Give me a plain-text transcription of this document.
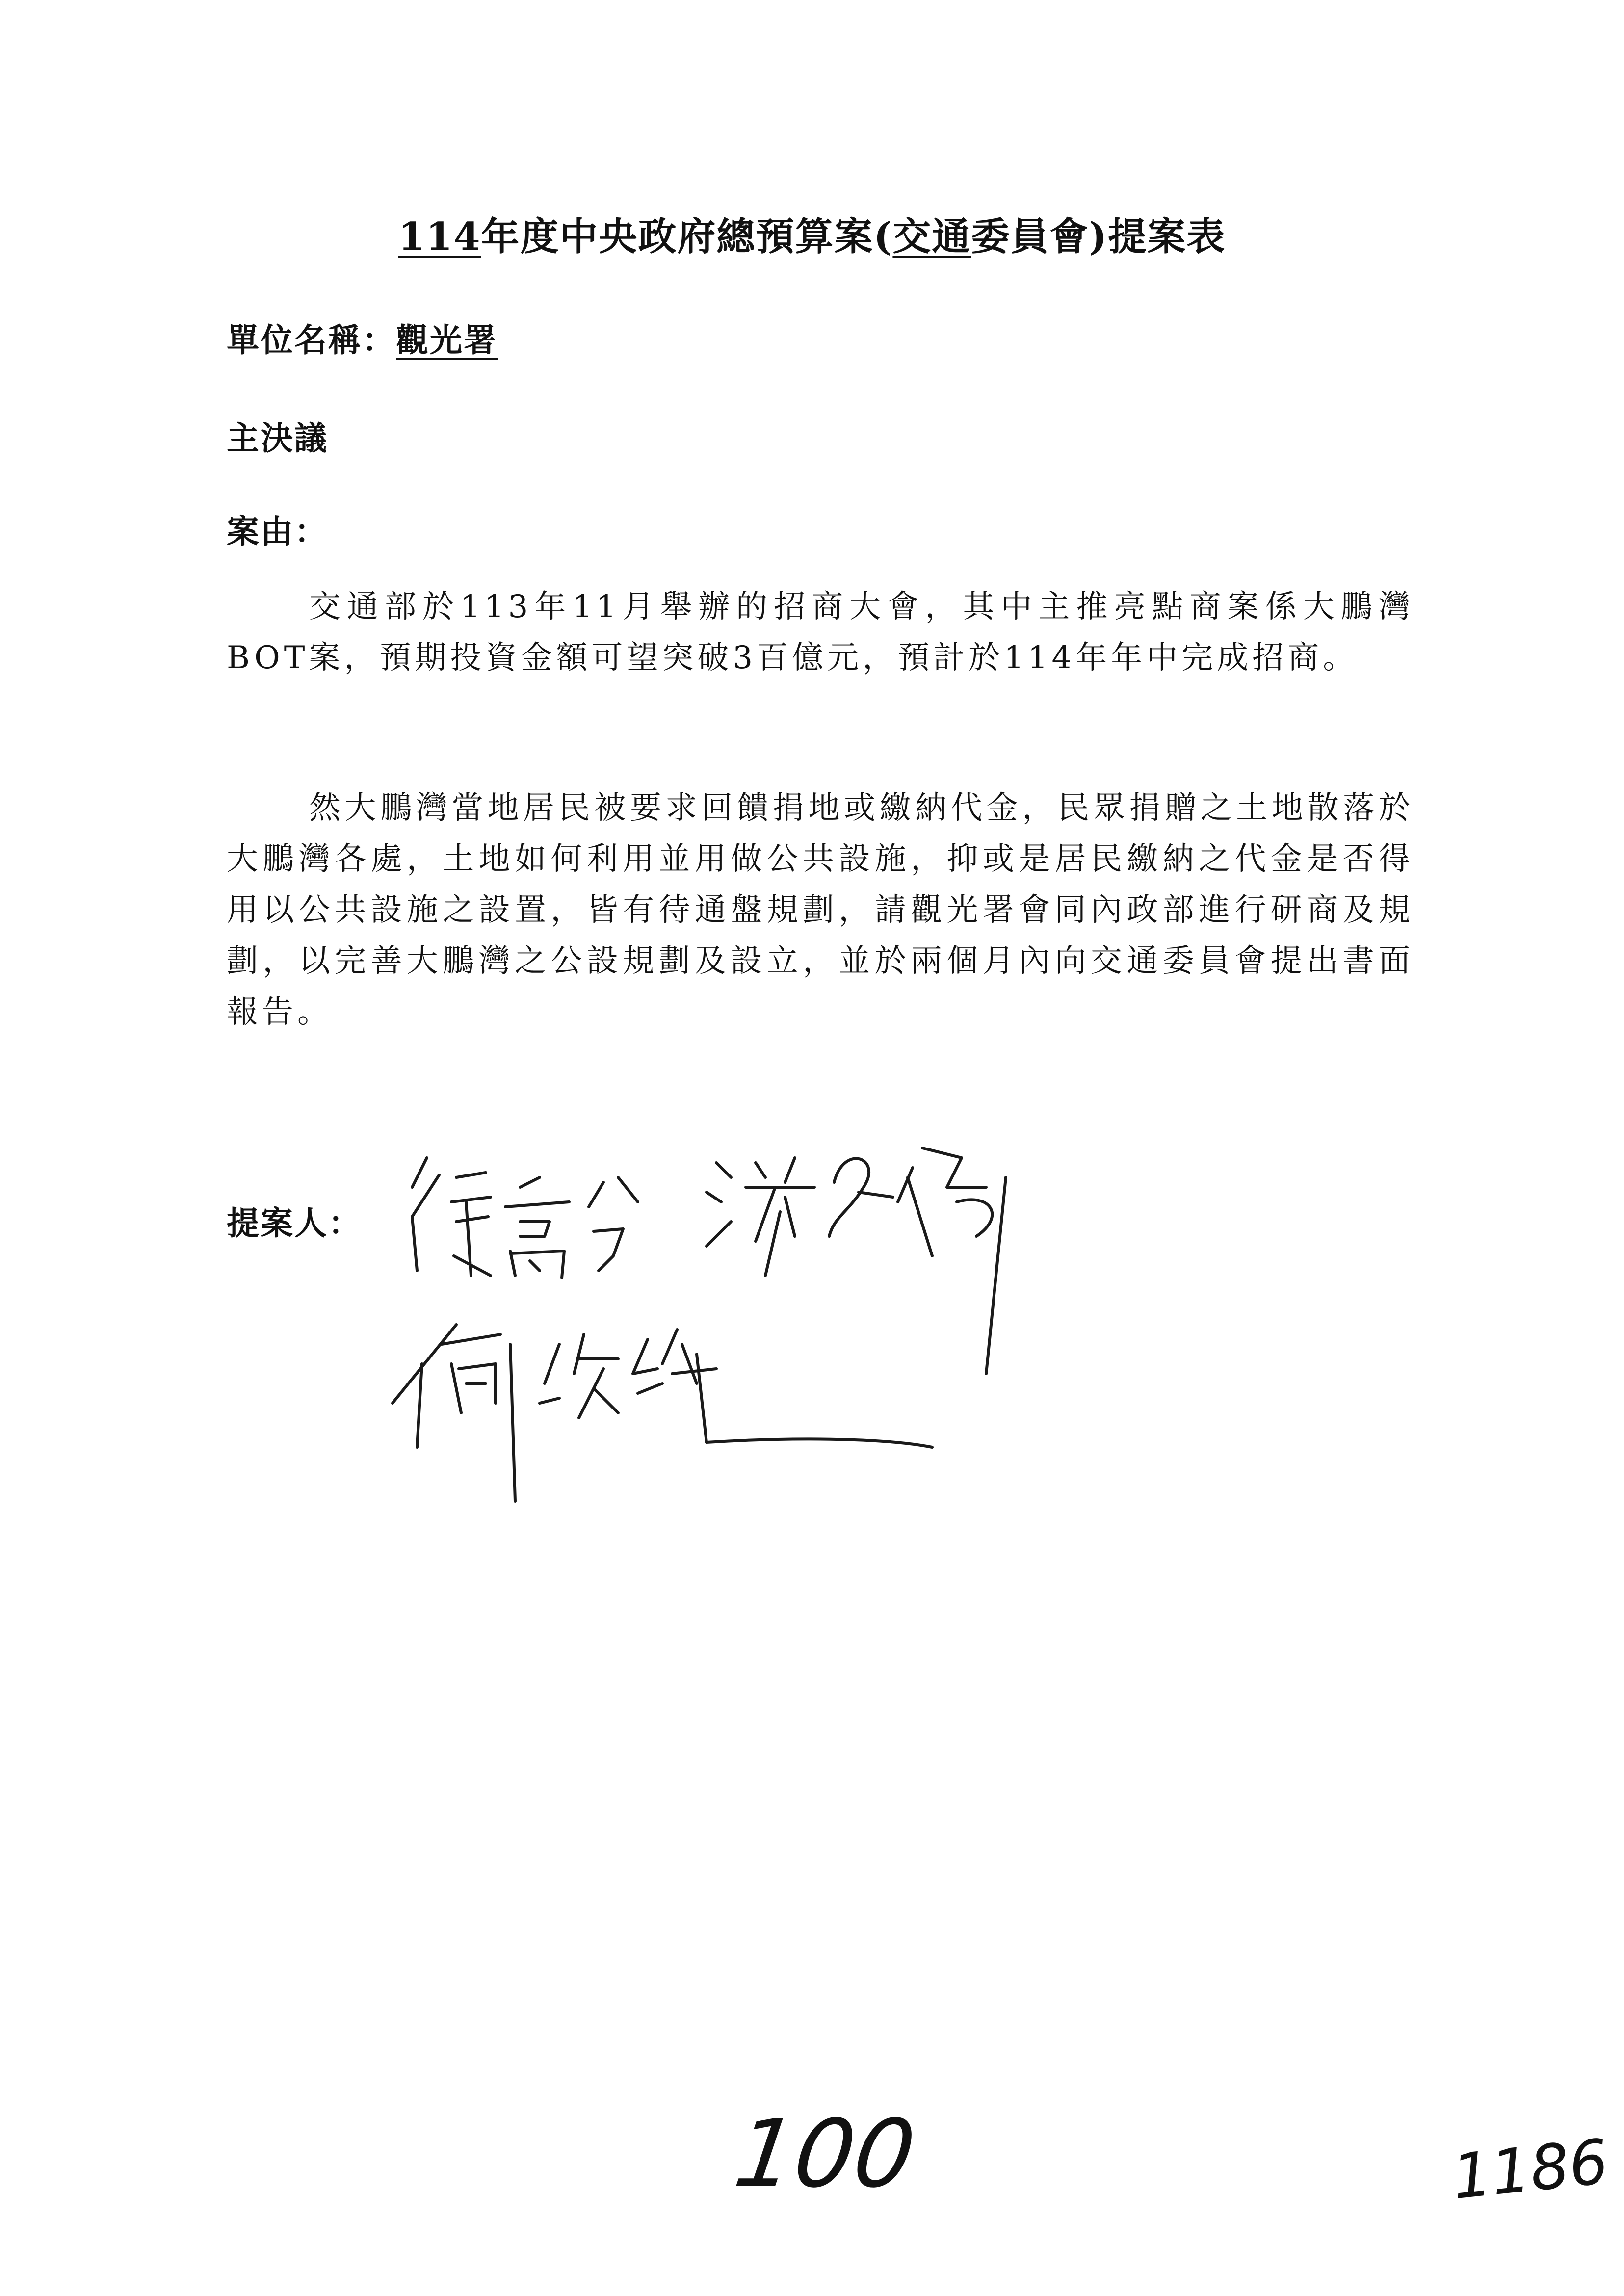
114年度中央政府總預算案(交通委員會)提案表
單位名稱：觀光署
主決議
案由：
交通部於113年11月舉辦的招商大會，其中主推亮點商案係大鵬灣BOT案，預期投資金額可望突破3百億元，預計於114年年中完成招商。
然大鵬灣當地居民被要求回饋捐地或繳納代金，民眾捐贈之土地散落於大鵬灣各處，土地如何利用並用做公共設施，抑或是居民繳納之代金是否得用以公共設施之設置，皆有待通盤規劃，請觀光署會同內政部進行研商及規劃，以完善大鵬灣之公設規劃及設立，並於兩個月內向交通委員會提出書面報告。
提案人：
100	1186
